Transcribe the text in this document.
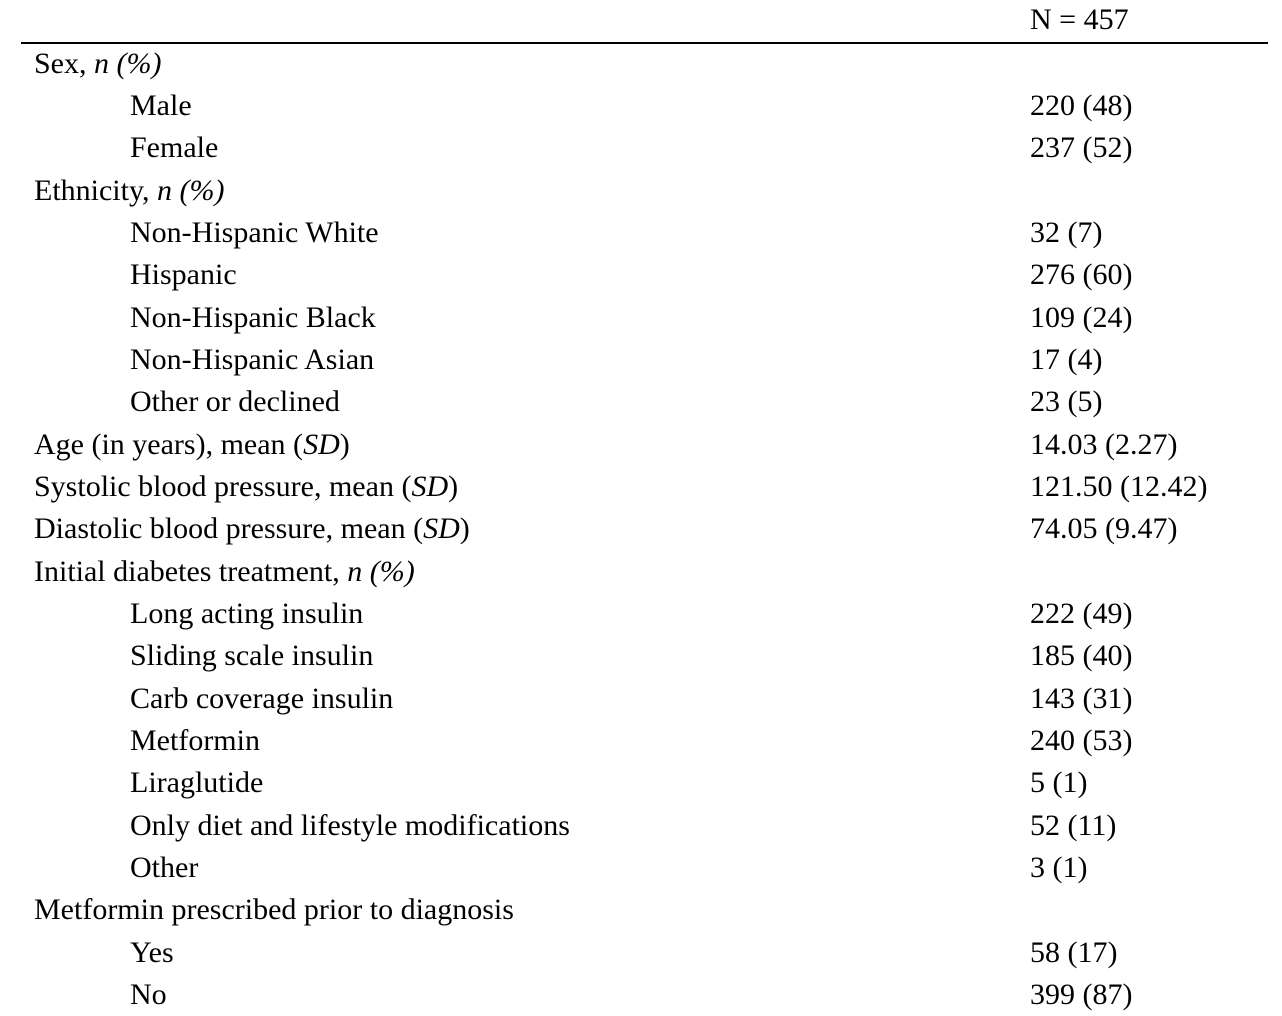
N = 457
Sex, n (%)
Male	220 (48)
Female	237 (52)
Ethnicity, n (%)
Non-Hispanic White	32 (7)
Hispanic	276 (60)
Non-Hispanic Black	109 (24)
Non-Hispanic Asian	17 (4)
Other or declined	23 (5)
Age (in years), mean (SD)	14.03 (2.27)
Systolic blood pressure, mean (SD)	121.50 (12.42)
Diastolic blood pressure, mean (SD)	74.05 (9.47)
Initial diabetes treatment, n (%)
Long acting insulin	222 (49)
Sliding scale insulin	185 (40)
Carb coverage insulin	143 (31)
Metformin	240 (53)
Liraglutide	5 (1)
Only diet and lifestyle modifications	52 (11)
Other	3 (1)
Metformin prescribed prior to diagnosis
Yes	58 (17)
No	399 (87)
